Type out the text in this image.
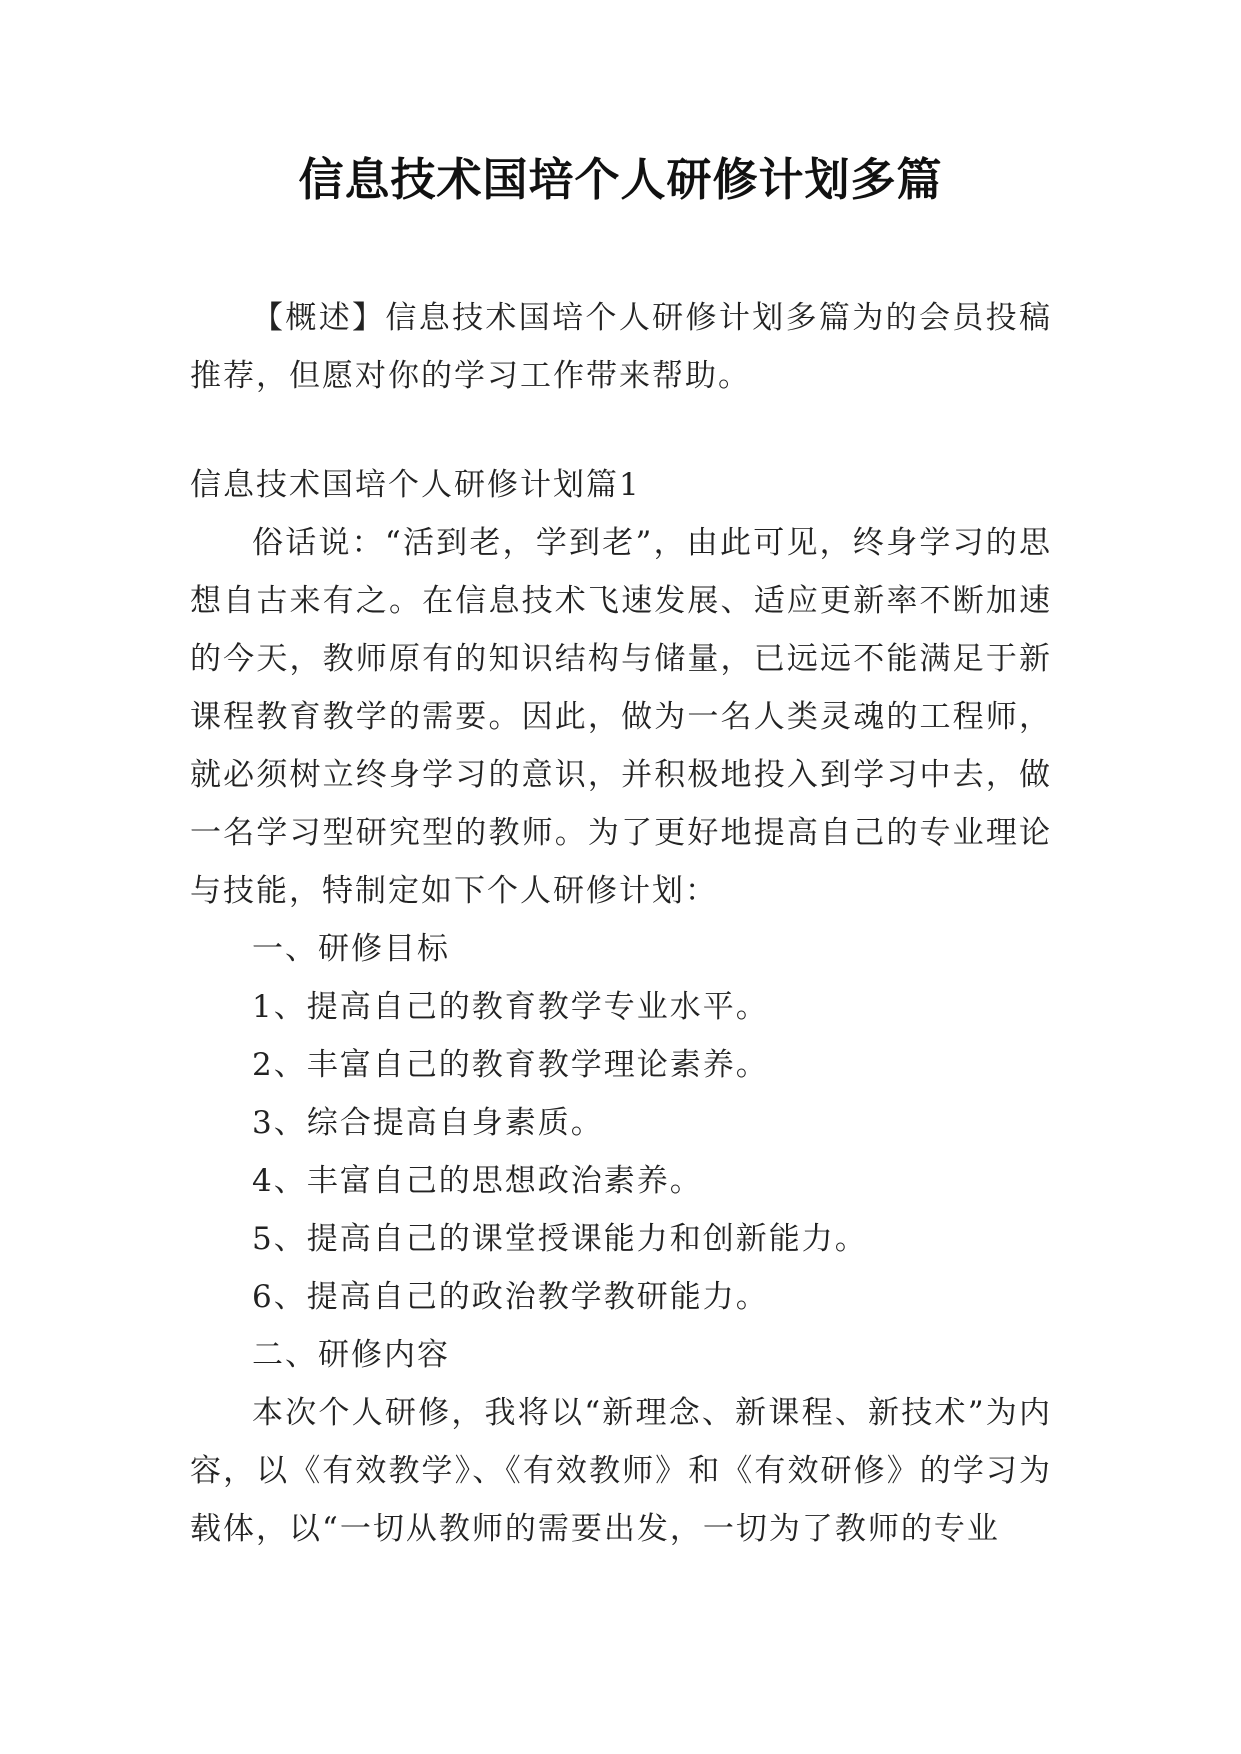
信息技术国培个人研修计划多篇

【概述】信息技术国培个人研修计划多篇为的会员投稿推荐，但愿对你的学习工作带来帮助。

信息技术国培个人研修计划篇1

俗话说：“活到老，学到老”，由此可见，终身学习的思想自古来有之。在信息技术飞速发展、适应更新率不断加速的今天，教师原有的知识结构与储量，已远远不能满足于新课程教育教学的需要。因此，做为一名人类灵魂的工程师，就必须树立终身学习的意识，并积极地投入到学习中去，做一名学习型研究型的教师。为了更好地提高自己的专业理论与技能，特制定如下个人研修计划：

一、研修目标

1、提高自己的教育教学专业水平。

2、丰富自己的教育教学理论素养。

3、综合提高自身素质。

4、丰富自己的思想政治素养。

5、提高自己的课堂授课能力和创新能力。

6、提高自己的政治教学教研能力。

二、研修内容

本次个人研修，我将以“新理念、新课程、新技术”为内容，以《有效教学》、《有效教师》和《有效研修》的学习为载体，以“一切从教师的需要出发，一切为了教师的专业
